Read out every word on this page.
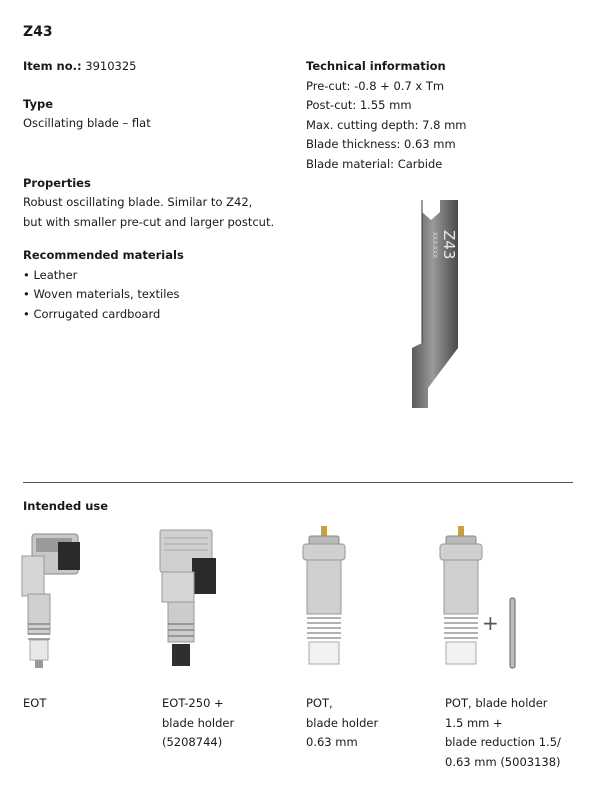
Z43
Item no.: 3910325
Type
Oscillating blade – flat
Properties
Robust oscillating blade. Similar to Z42,
but with smaller pre-cut and larger postcut.
Recommended materials
• Leather
• Woven materials, textiles
• Corrugated cardboard
Technical information
Pre-cut: -0.8 + 0.7 x Tm
Post-cut: 1.55 mm
Max. cutting depth: 7.8 mm
Blade thickness: 0.63 mm
Blade material: Carbide
Z43
XXX-XXX
Intended use
+
EOT	EOT-250 +
blade holder
(5208744)
POT,
blade holder
0.63 mm
POT, blade holder
1.5 mm +
blade reduction 1.5/
0.63 mm (5003138)
